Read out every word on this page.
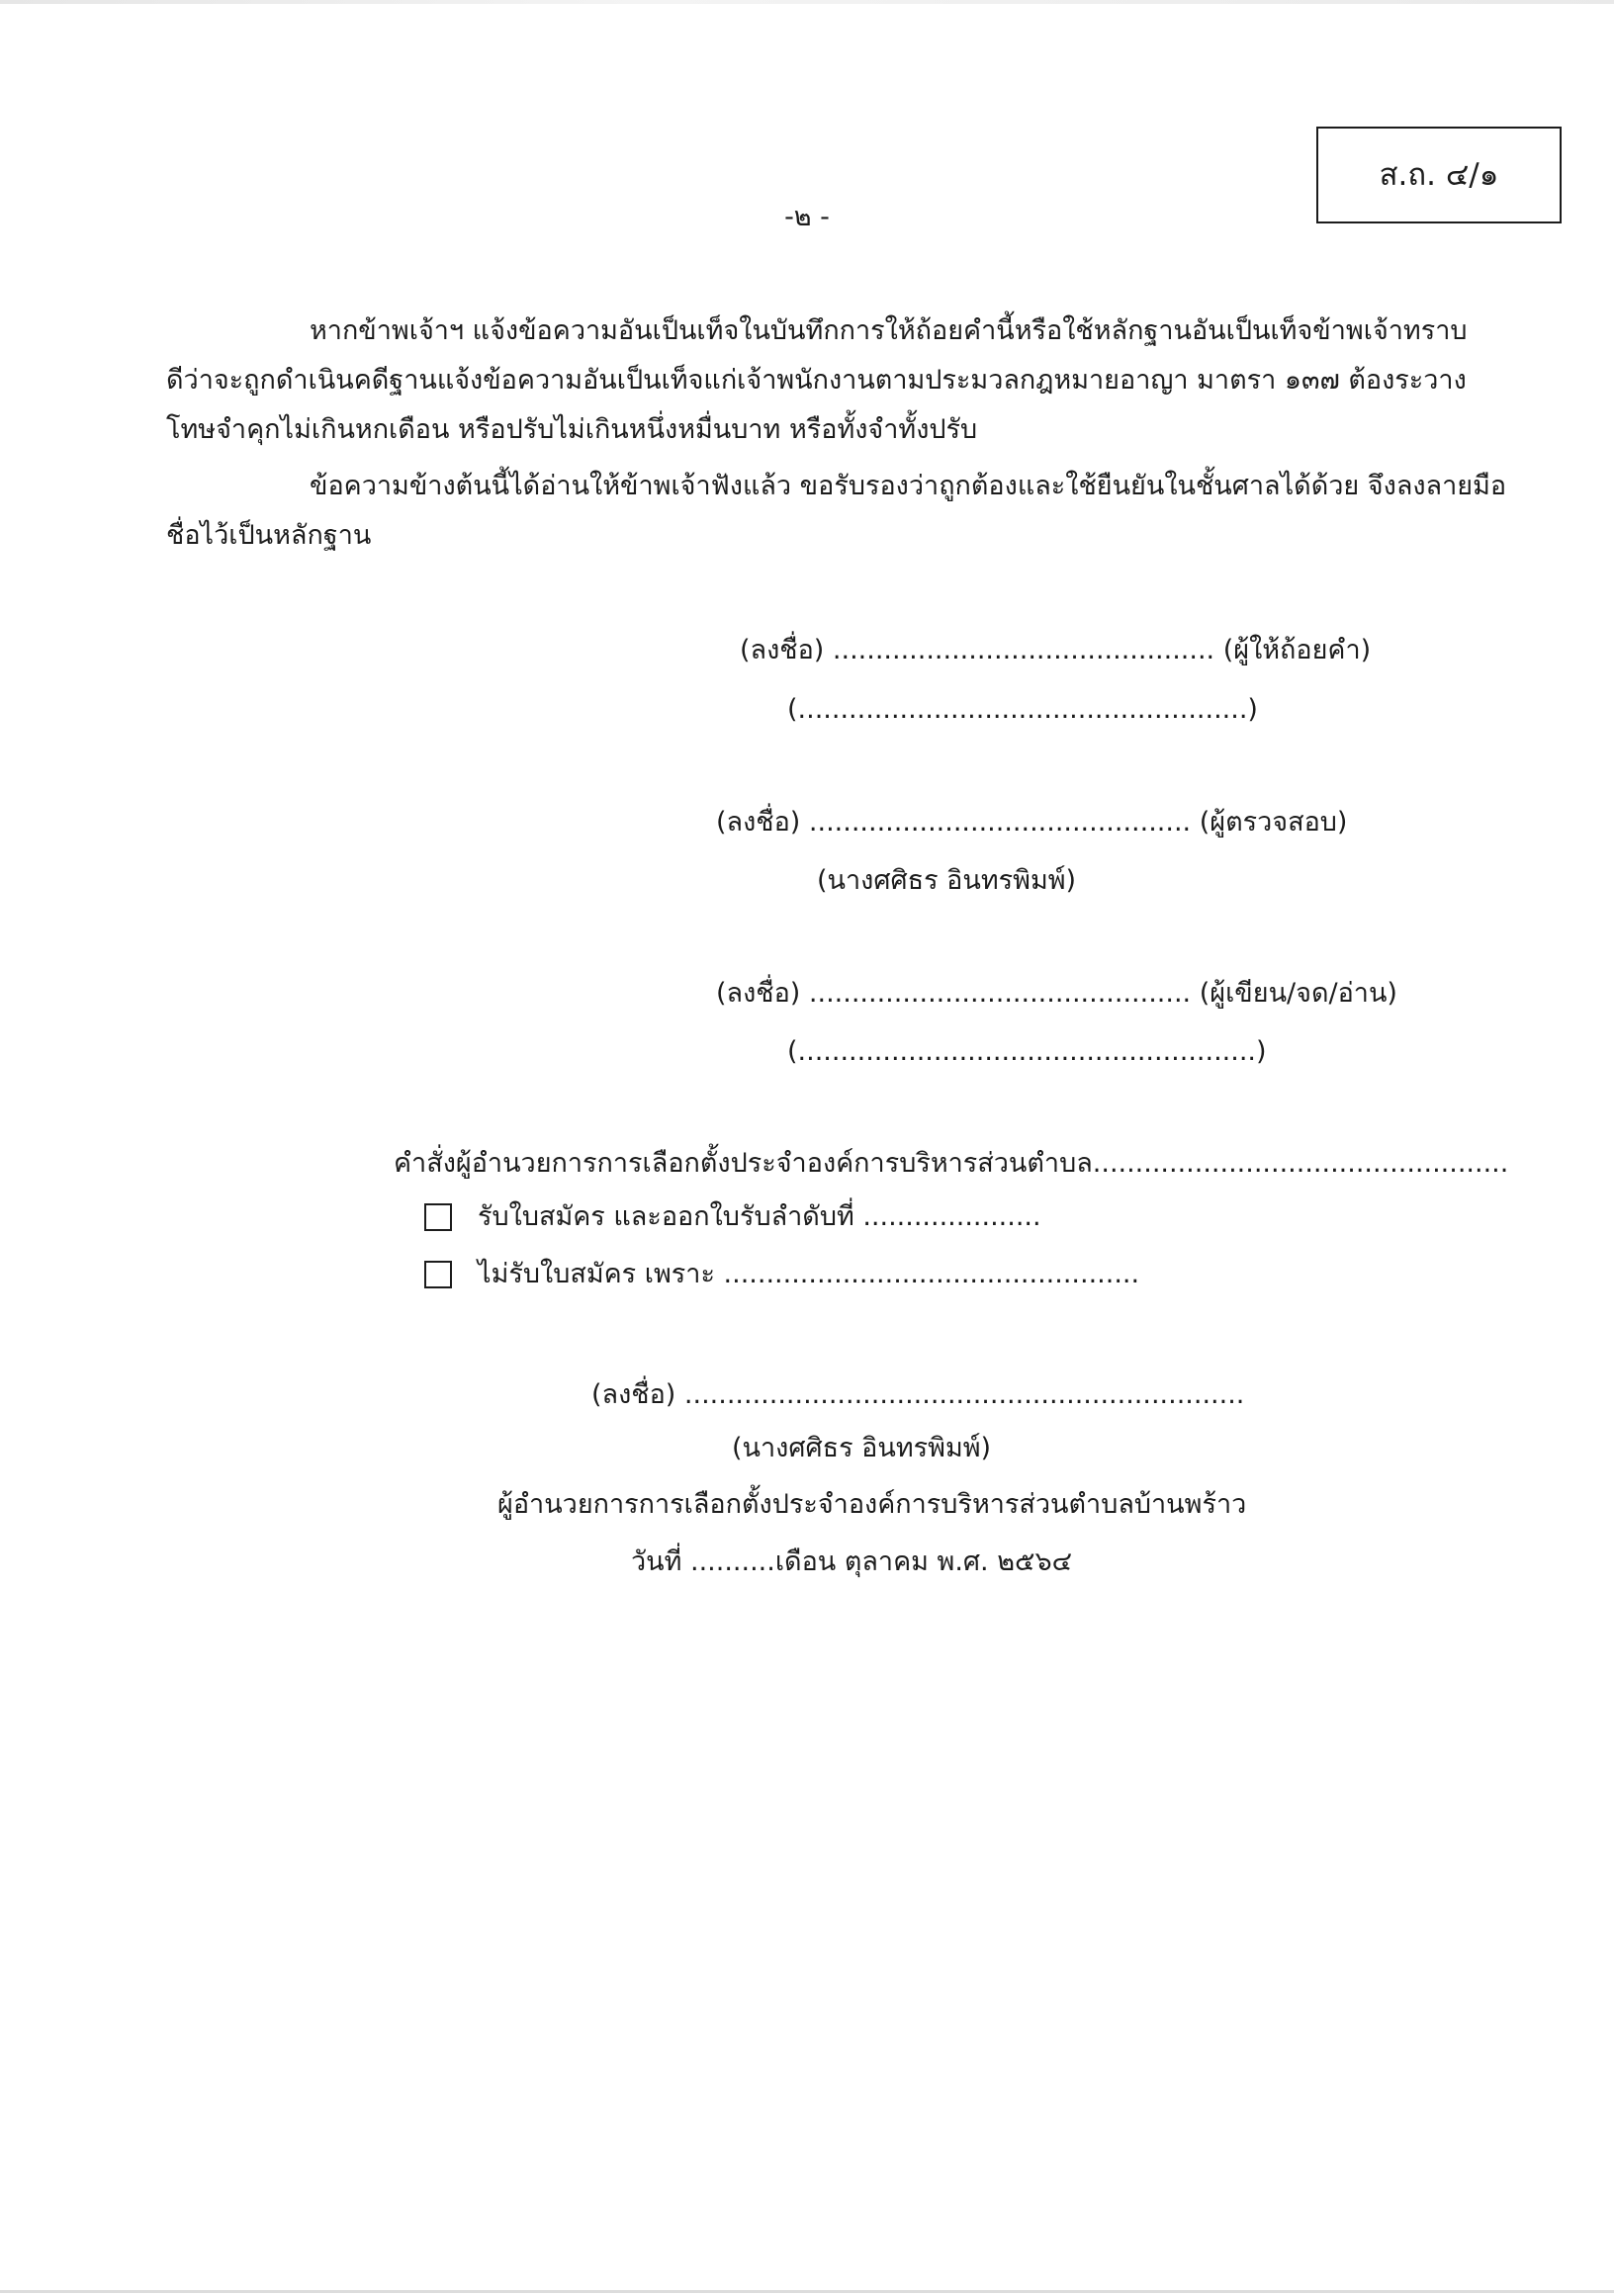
ส.ถ. ๔/๑
-๒ -
หากข้าพเจ้าฯ แจ้งข้อความอันเป็นเท็จในบันทึกการให้ถ้อยคำนี้หรือใช้หลักฐานอันเป็นเท็จข้าพเจ้าทราบ
ดีว่าจะถูกดำเนินคดีฐานแจ้งข้อความอันเป็นเท็จแก่เจ้าพนักงานตามประมวลกฎหมายอาญา มาตรา ๑๓๗ ต้องระวาง
โทษจำคุกไม่เกินหกเดือน หรือปรับไม่เกินหนึ่งหมื่นบาท หรือทั้งจำทั้งปรับ
ข้อความข้างต้นนี้ได้อ่านให้ข้าพเจ้าฟังแล้ว ขอรับรองว่าถูกต้องและใช้ยืนยันในชั้นศาลได้ด้วย จึงลงลายมือ
ชื่อไว้เป็นหลักฐาน
(ลงชื่อ) ............................................. (ผู้ให้ถ้อยคำ)
(.....................................................)
(ลงชื่อ) ............................................. (ผู้ตรวจสอบ)
(นางศศิธร อินทรพิมพ์)
(ลงชื่อ) ............................................. (ผู้เขียน/จด/อ่าน)
(......................................................)
คำสั่งผู้อำนวยการการเลือกตั้งประจำองค์การบริหารส่วนตำบล.................................................
รับใบสมัคร และออกใบรับลำดับที่ .....................
ไม่รับใบสมัคร เพราะ .................................................
(ลงชื่อ) ..................................................................
(นางศศิธร อินทรพิมพ์)
ผู้อำนวยการการเลือกตั้งประจำองค์การบริหารส่วนตำบลบ้านพร้าว
วันที่ ..........เดือน ตุลาคม พ.ศ. ๒๕๖๔
